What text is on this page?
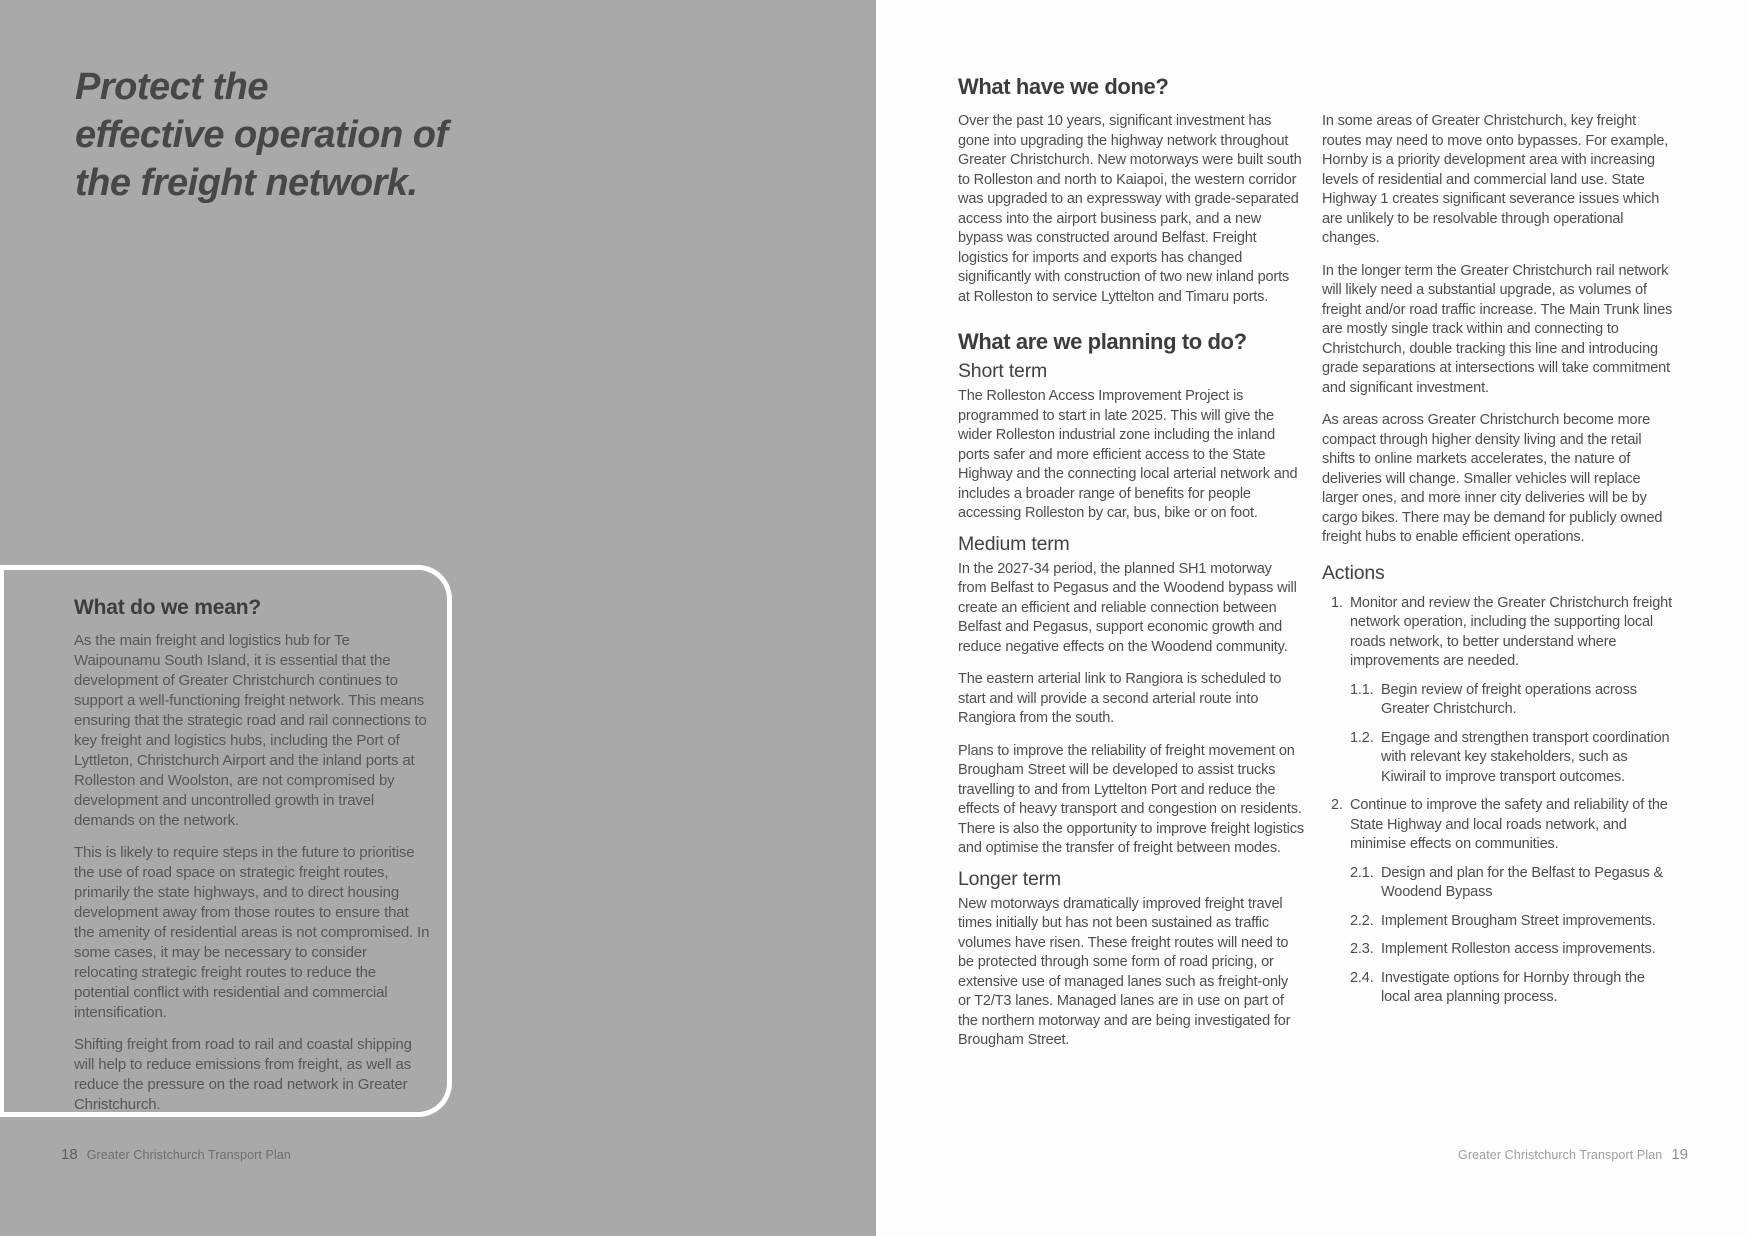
Protect the
effective operation of
the freight network.
What do we mean?

As the main freight and logistics hub for Te Waipounamu South Island, it is essential that the development of Greater Christchurch continues to support a well-functioning freight network. This means ensuring that the strategic road and rail connections to key freight and logistics hubs, including the Port of Lyttleton, Christchurch Airport and the inland ports at Rolleston and Woolston, are not compromised by development and uncontrolled growth in travel demands on the network.

This is likely to require steps in the future to prioritise the use of road space on strategic freight routes, primarily the state highways, and to direct housing development away from those routes to ensure that the amenity of residential areas is not compromised. In some cases, it may be necessary to consider relocating strategic freight routes to reduce the potential conflict with residential and commercial intensification.

Shifting freight from road to rail and coastal shipping will help to reduce emissions from freight, as well as reduce the pressure on the road network in Greater Christchurch.

18 Greater Christchurch Transport Plan
What have we done?

Over the past 10 years, significant investment has gone into upgrading the highway network throughout Greater Christchurch. New motorways were built south to Rolleston and north to Kaiapoi, the western corridor was upgraded to an expressway with grade-separated access into the airport business park, and a new bypass was constructed around Belfast. Freight logistics for imports and exports has changed significantly with construction of two new inland ports at Rolleston to service Lyttelton and Timaru ports.

What are we planning to do?
Short term

The Rolleston Access Improvement Project is programmed to start in late 2025. This will give the wider Rolleston industrial zone including the inland ports safer and more efficient access to the State Highway and the connecting local arterial network and includes a broader range of benefits for people accessing Rolleston by car, bus, bike or on foot.

Medium term

In the 2027-34 period, the planned SH1 motorway from Belfast to Pegasus and the Woodend bypass will create an efficient and reliable connection between Belfast and Pegasus, support economic growth and reduce negative effects on the Woodend community.

The eastern arterial link to Rangiora is scheduled to start and will provide a second arterial route into Rangiora from the south.

Plans to improve the reliability of freight movement on Brougham Street will be developed to assist trucks travelling to and from Lyttelton Port and reduce the effects of heavy transport and congestion on residents. There is also the opportunity to improve freight logistics and optimise the transfer of freight between modes.

Longer term

New motorways dramatically improved freight travel times initially but has not been sustained as traffic volumes have risen. These freight routes will need to be protected through some form of road pricing, or extensive use of managed lanes such as freight-only or T2/T3 lanes. Managed lanes are in use on part of the northern motorway and are being investigated for Brougham Street.

In some areas of Greater Christchurch, key freight routes may need to move onto bypasses. For example, Hornby is a priority development area with increasing levels of residential and commercial land use. State Highway 1 creates significant severance issues which are unlikely to be resolvable through operational changes.

In the longer term the Greater Christchurch rail network will likely need a substantial upgrade, as volumes of freight and/or road traffic increase. The Main Trunk lines are mostly single track within and connecting to Christchurch, double tracking this line and introducing grade separations at intersections will take commitment and significant investment.

As areas across Greater Christchurch become more compact through higher density living and the retail shifts to online markets accelerates, the nature of deliveries will change. Smaller vehicles will replace larger ones, and more inner city deliveries will be by cargo bikes. There may be demand for publicly owned freight hubs to enable efficient operations.

Actions
1. Monitor and review the Greater Christchurch freight network operation, including the supporting local roads network, to better understand where improvements are needed.
1.1. Begin review of freight operations across Greater Christchurch.
1.2. Engage and strengthen transport coordination with relevant key stakeholders, such as Kiwirail to improve transport outcomes.
2. Continue to improve the safety and reliability of the State Highway and local roads network, and minimise effects on communities.
2.1. Design and plan for the Belfast to Pegasus & Woodend Bypass
2.2. Implement Brougham Street improvements.
2.3. Implement Rolleston access improvements.
2.4. Investigate options for Hornby through the local area planning process.
Greater Christchurch Transport Plan 19
